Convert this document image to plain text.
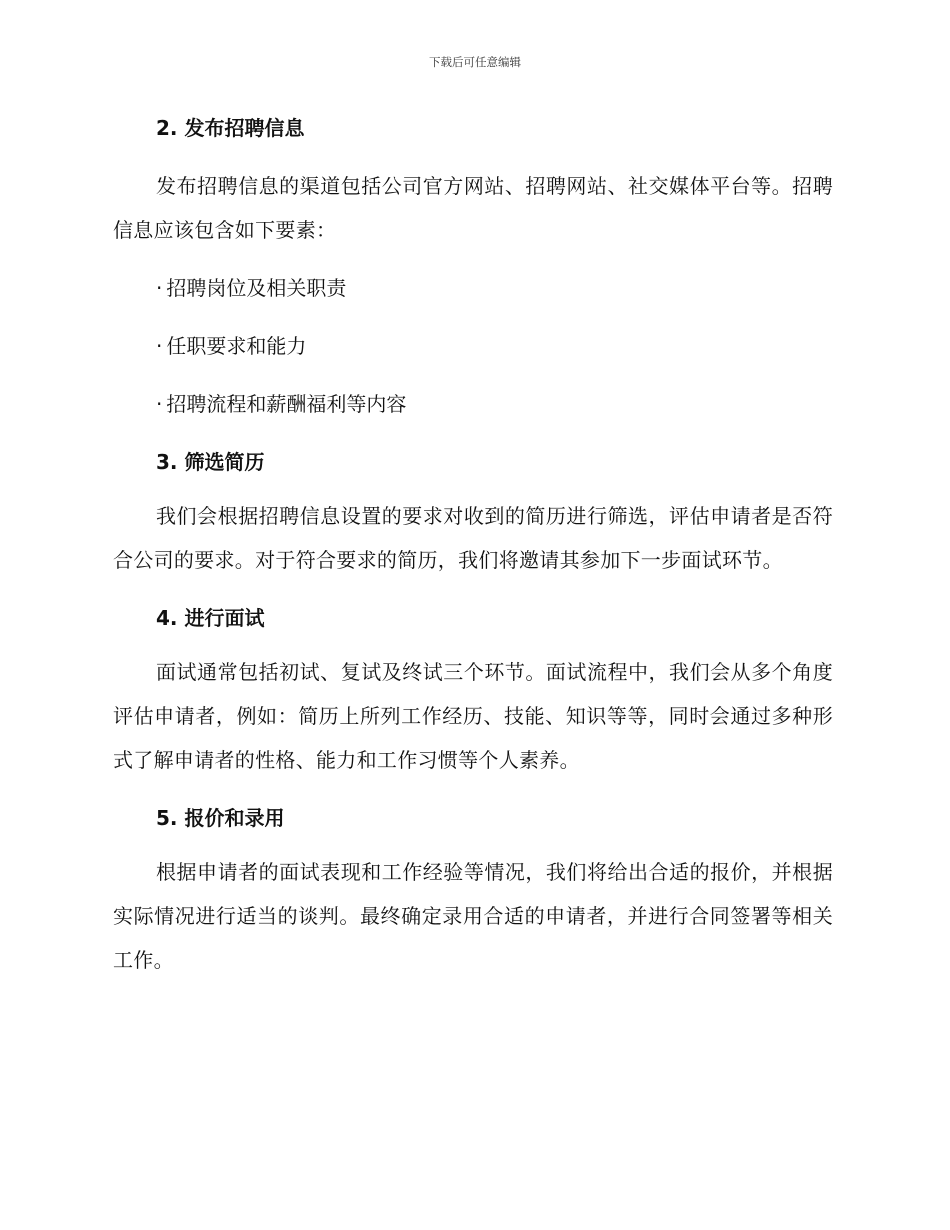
下载后可任意编辑
2. 发布招聘信息

发布招聘信息的渠道包括公司官方网站、招聘网站、社交媒体平台等。招聘信息应该包含如下要素：

· 招聘岗位及相关职责

· 任职要求和能力

· 招聘流程和薪酬福利等内容

3. 筛选简历

我们会根据招聘信息设置的要求对收到的简历进行筛选，评估申请者是否符合公司的要求。对于符合要求的简历，我们将邀请其参加下一步面试环节。

4. 进行面试

面试通常包括初试、复试及终试三个环节。面试流程中，我们会从多个角度评估申请者，例如：简历上所列工作经历、技能、知识等等，同时会通过多种形式了解申请者的性格、能力和工作习惯等个人素养。

5. 报价和录用

根据申请者的面试表现和工作经验等情况，我们将给出合适的报价，并根据实际情况进行适当的谈判。最终确定录用合适的申请者，并进行合同签署等相关工作。
